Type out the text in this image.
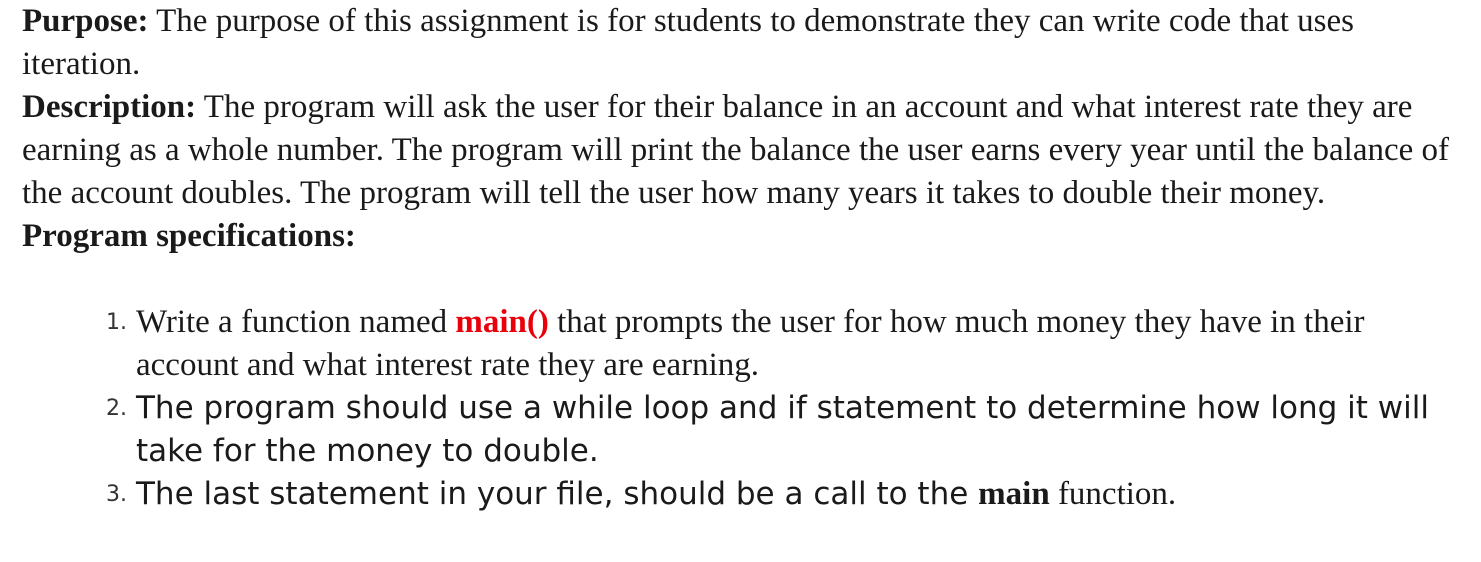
Purpose: The purpose of this assignment is for students to demonstrate they can write code that uses iteration.

Description: The program will ask the user for their balance in an account and what interest rate they are earning as a whole number. The program will print the balance the user earns every year until the balance of the account doubles. The program will tell the user how many years it takes to double their money.

Program specifications:

1. Write a function named main() that prompts the user for how much money they have in their account and what interest rate they are earning.
2. The program should use a while loop and if statement to determine how long it will take for the money to double.
3. The last statement in your file, should be a call to the main function.
